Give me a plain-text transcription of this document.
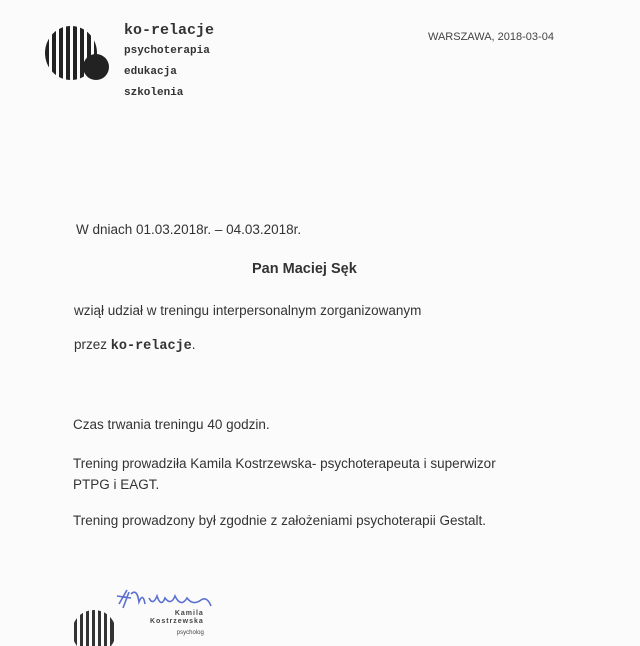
ko-relacje
psychoterapia
edukacja
szkolenia
WARSZAWA, 2018-03-04
W dniach 01.03.2018r. – 04.03.2018r.
Pan Maciej Sęk
wziął udział w treningu interpersonalnym zorganizowanym
przez ko-relacje.
Czas trwania treningu 40 godzin.
Trening prowadziła Kamila Kostrzewska- psychoterapeuta i superwizor
PTPG i EAGT.
Trening prowadzony był zgodnie z założeniami psychoterapii Gestalt.
Kamila
Kostrzewska
psycholog
